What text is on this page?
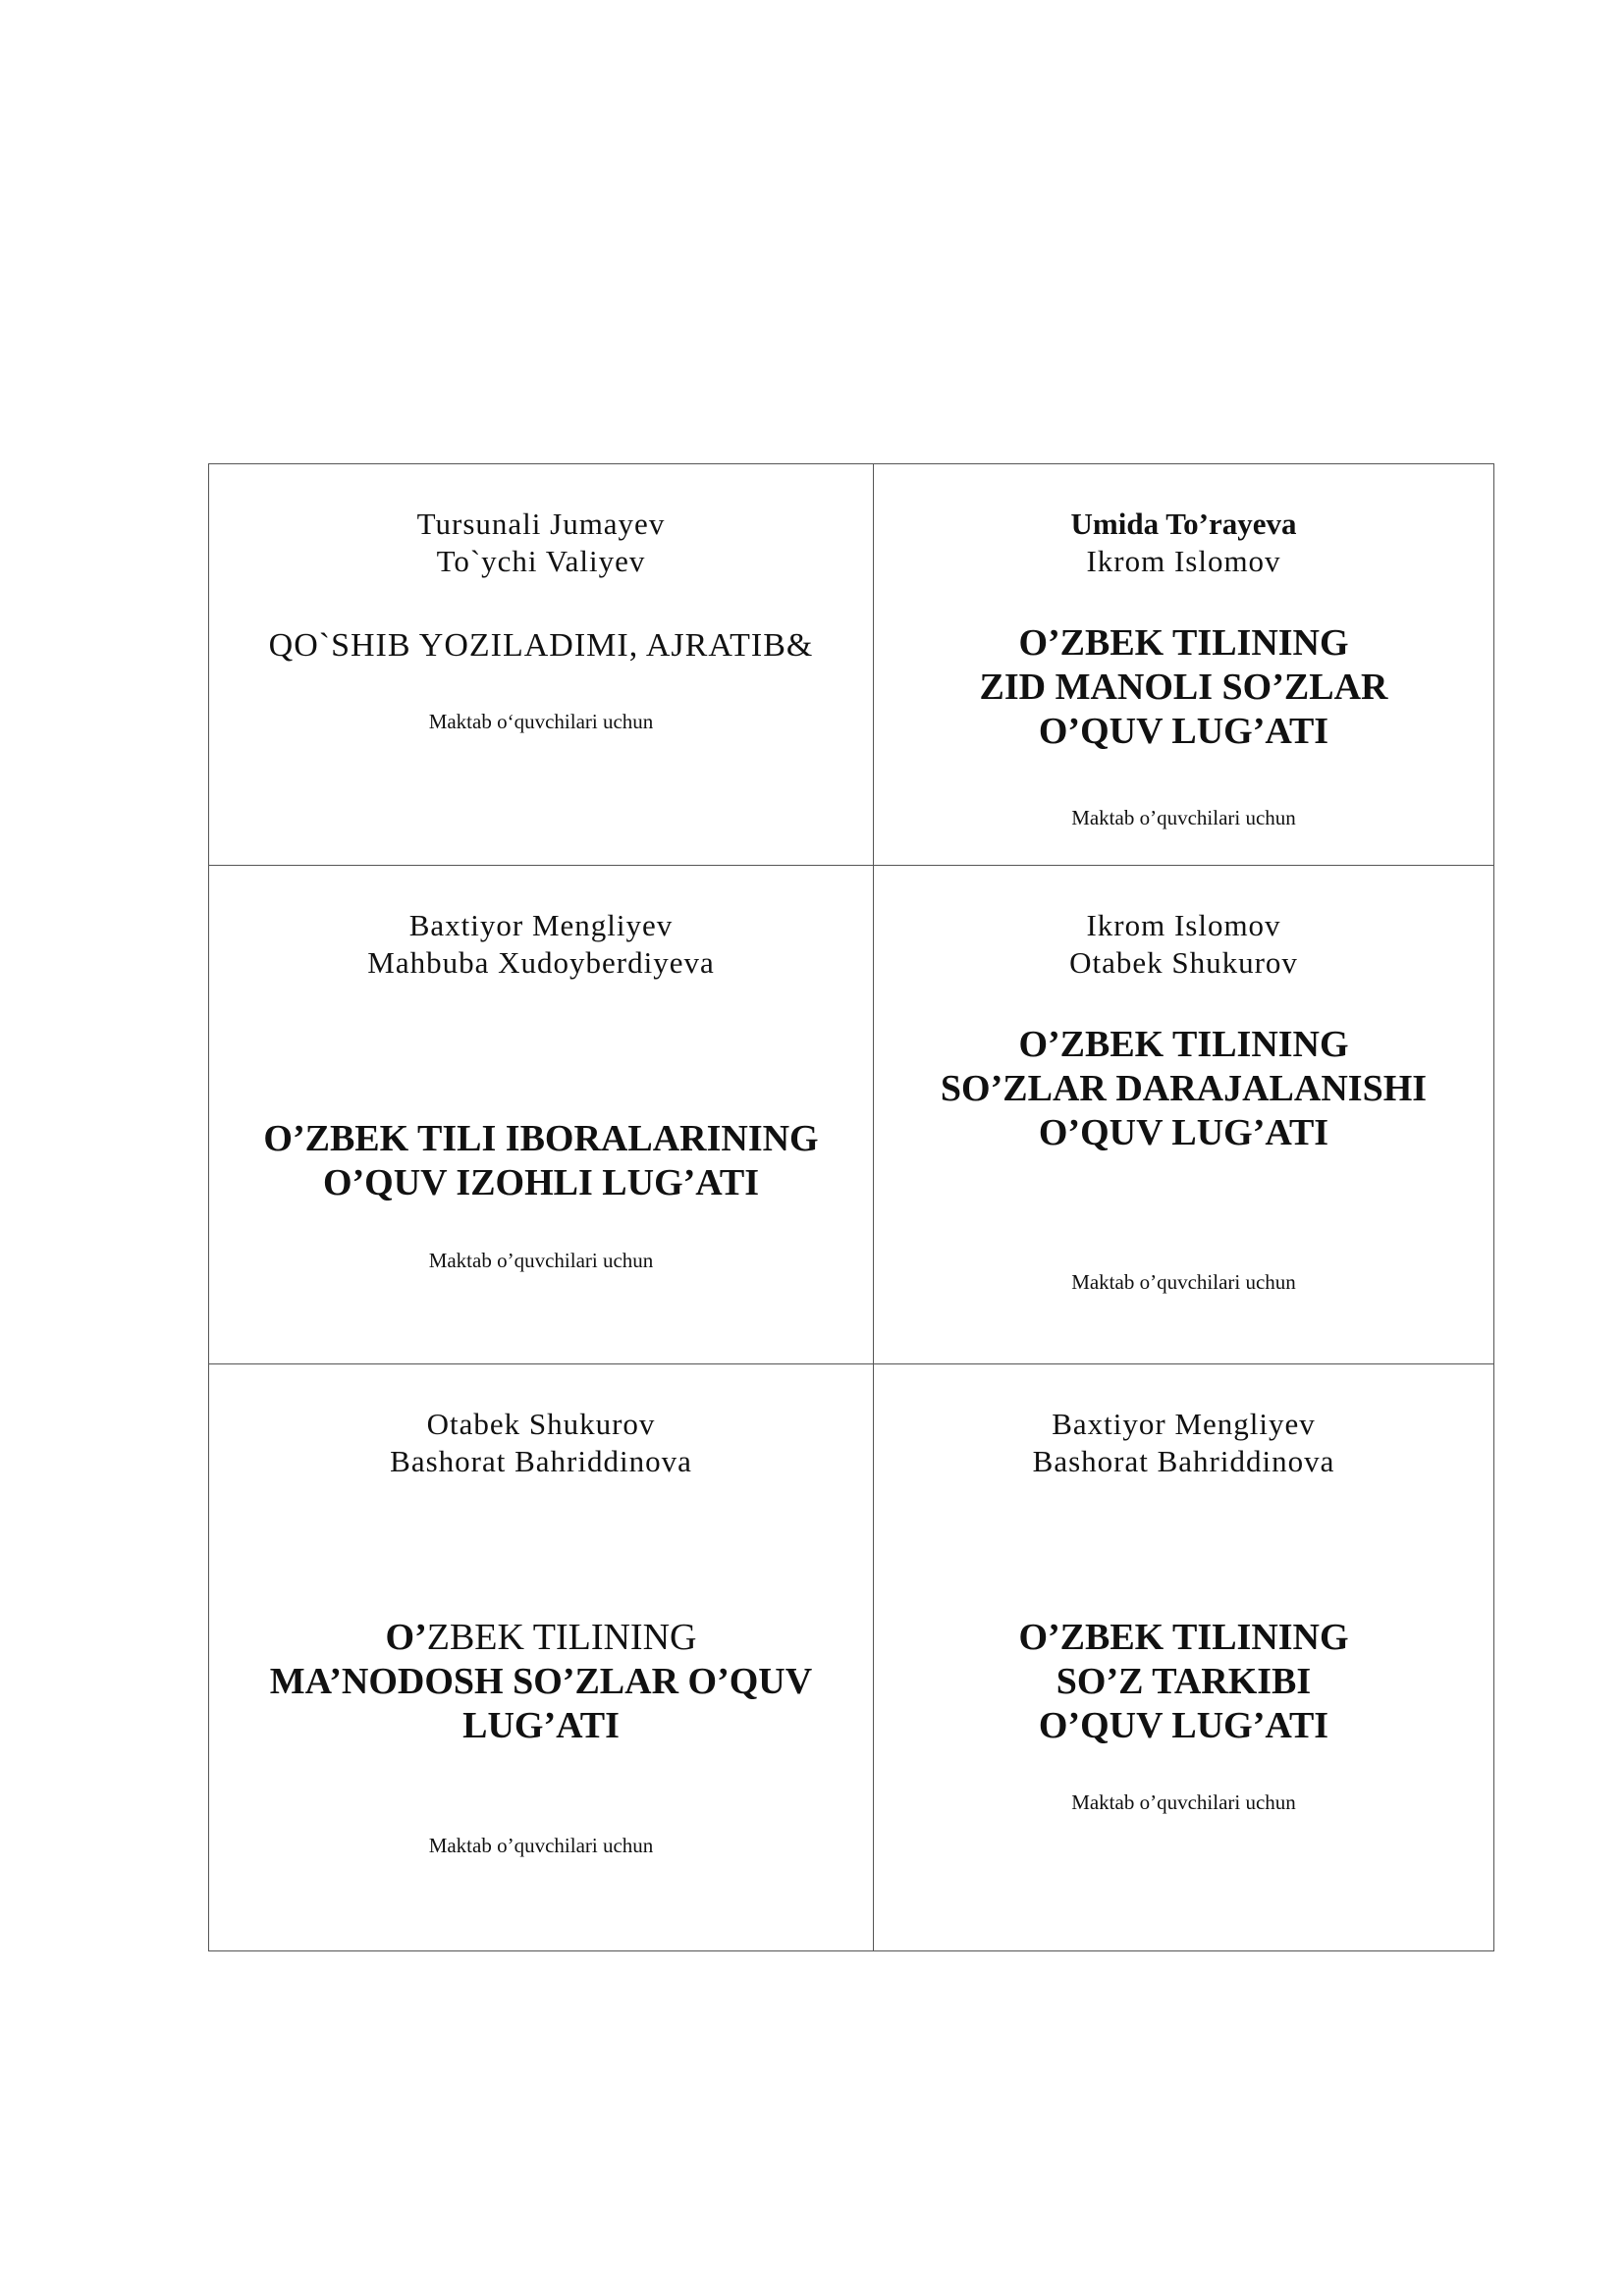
Tursunali Jumayev
To`ychi Valiyev
QO`SHIB YOZILADIMI, AJRATIB&
Maktab o‘quvchilari uchun
Umida To’rayeva
Ikrom Islomov
O’ZBEK TILINING
ZID MANOLI SO’ZLAR
O’QUV LUG’ATI
Maktab o’quvchilari uchun
Baxtiyor Mengliyev
Mahbuba Xudoyberdiyeva
O’ZBEK TILI IBORALARINING
O’QUV IZOHLI LUG’ATI
Maktab o’quvchilari uchun
Ikrom Islomov
Otabek Shukurov
O’ZBEK TILINING
SO’ZLAR DARAJALANISHI
O’QUV LUG’ATI
Maktab o’quvchilari uchun
Otabek Shukurov
Bashorat Bahriddinova
O’ZBEK TILINING
MA’NODOSH SO’ZLAR O’QUV
LUG’ATI
Maktab o’quvchilari uchun
Baxtiyor Mengliyev
Bashorat Bahriddinova
O’ZBEK TILINING
SO’Z TARKIBI
O’QUV LUG’ATI
Maktab o’quvchilari uchun
